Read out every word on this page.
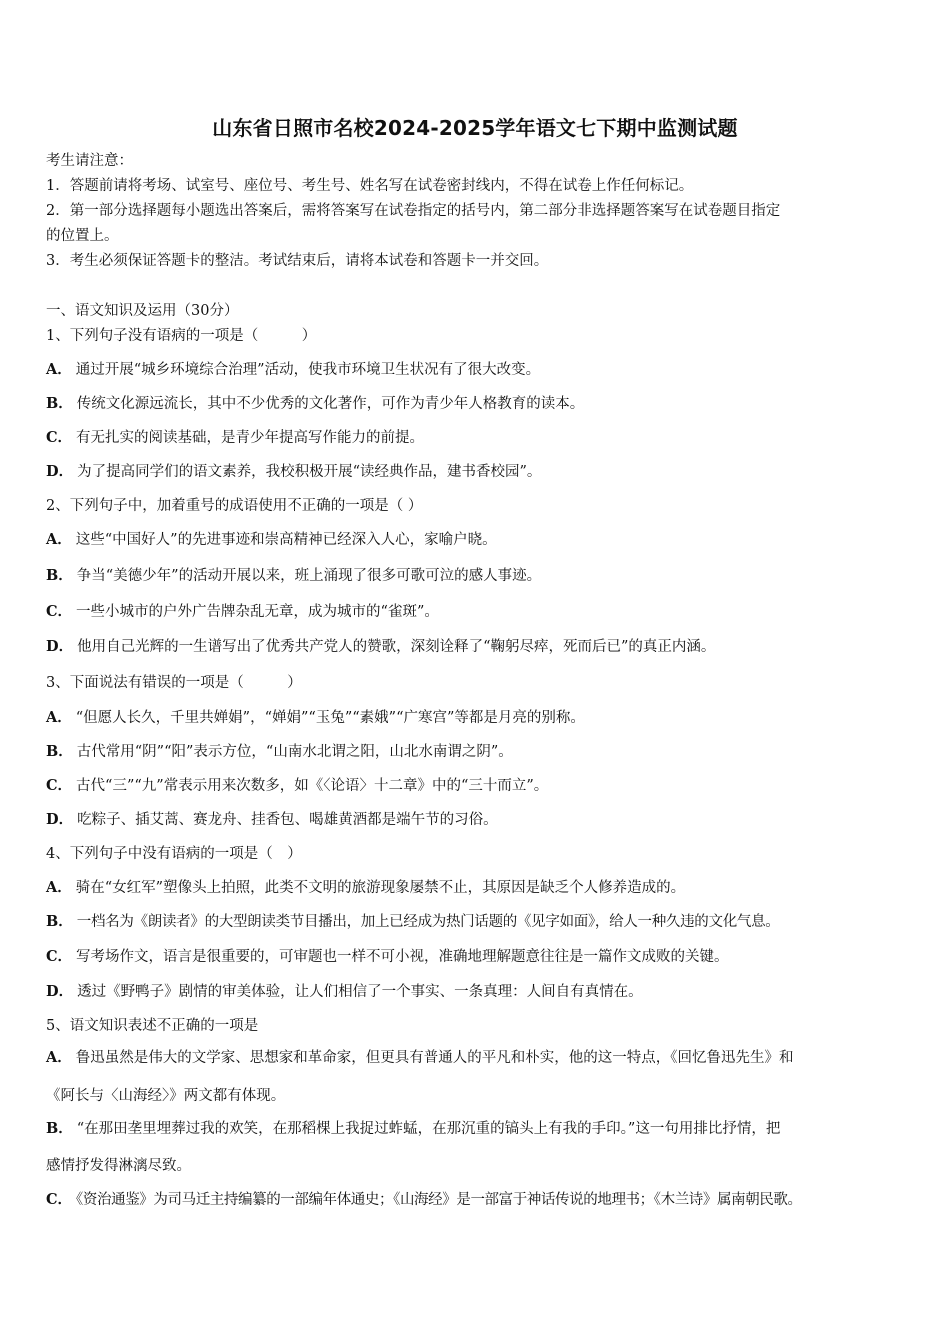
山东省日照市名校2024-2025学年语文七下期中监测试题
考生请注意：
1．答题前请将考场、试室号、座位号、考生号、姓名写在试卷密封线内，不得在试卷上作任何标记。
2．第一部分选择题每小题选出答案后，需将答案写在试卷指定的括号内，第二部分非选择题答案写在试卷题目指定
的位置上。
3．考生必须保证答题卡的整洁。考试结束后，请将本试卷和答题卡一并交回。
一、语文知识及运用（30分）
1、下列句子没有语病的一项是（　　　）
A． 通过开展“城乡环境综合治理”活动，使我市环境卫生状况有了很大改变。
B． 传统文化源远流长，其中不少优秀的文化著作，可作为青少年人格教育的读本。
C． 有无扎实的阅读基础，是青少年提高写作能力的前提。
D． 为了提高同学们的语文素养，我校积极开展“读经典作品，建书香校园”。
2、下列句子中，加着重号的成语使用不正确的一项是（ ）
A． 这些“中国好人”的先进事迹和崇高精神已经深入人心，家喻户晓。
B． 争当“美德少年”的活动开展以来，班上涌现了很多可歌可泣的感人事迹。
C． 一些小城市的户外广告牌杂乱无章，成为城市的“雀斑”。
D． 他用自己光辉的一生谱写出了优秀共产党人的赞歌，深刻诠释了“鞠躬尽瘁，死而后已”的真正内涵。
3、下面说法有错误的一项是（　　　）
A． “但愿人长久，千里共婵娟”，“婵娟”“玉兔”“素娥”“广寒宫”等都是月亮的别称。
B． 古代常用“阴”“阳”表示方位，“山南水北谓之阳，山北水南谓之阴”。
C． 古代“三”“九”常表示用来次数多，如《〈论语〉十二章》中的“三十而立”。
D． 吃粽子、插艾蒿、赛龙舟、挂香包、喝雄黄酒都是端午节的习俗。
4、下列句子中没有语病的一项是（　）
A． 骑在“女红军”塑像头上拍照，此类不文明的旅游现象屡禁不止，其原因是缺乏个人修养造成的。
B． 一档名为《朗读者》的大型朗读类节目播出，加上已经成为热门话题的《见字如面》，给人一种久违的文化气息。
C． 写考场作文，语言是很重要的，可审题也一样不可小视，准确地理解题意往往是一篇作文成败的关键。
D． 透过《野鸭子》剧情的审美体验，让人们相信了一个事实、一条真理：人间自有真情在。
5、语文知识表述不正确的一项是
A． 鲁迅虽然是伟大的文学家、思想家和革命家，但更具有普通人的平凡和朴实，他的这一特点，《回忆鲁迅先生》和
《阿长与〈山海经〉》两文都有体现。
B． “在那田垄里埋葬过我的欢笑，在那稻棵上我捉过蚱蜢，在那沉重的镐头上有我的手印。”这一句用排比抒情，把
感情抒发得淋漓尽致。
C． 《资治通鉴》为司马迁主持编纂的一部编年体通史；《山海经》是一部富于神话传说的地理书；《木兰诗》属南朝民歌。
